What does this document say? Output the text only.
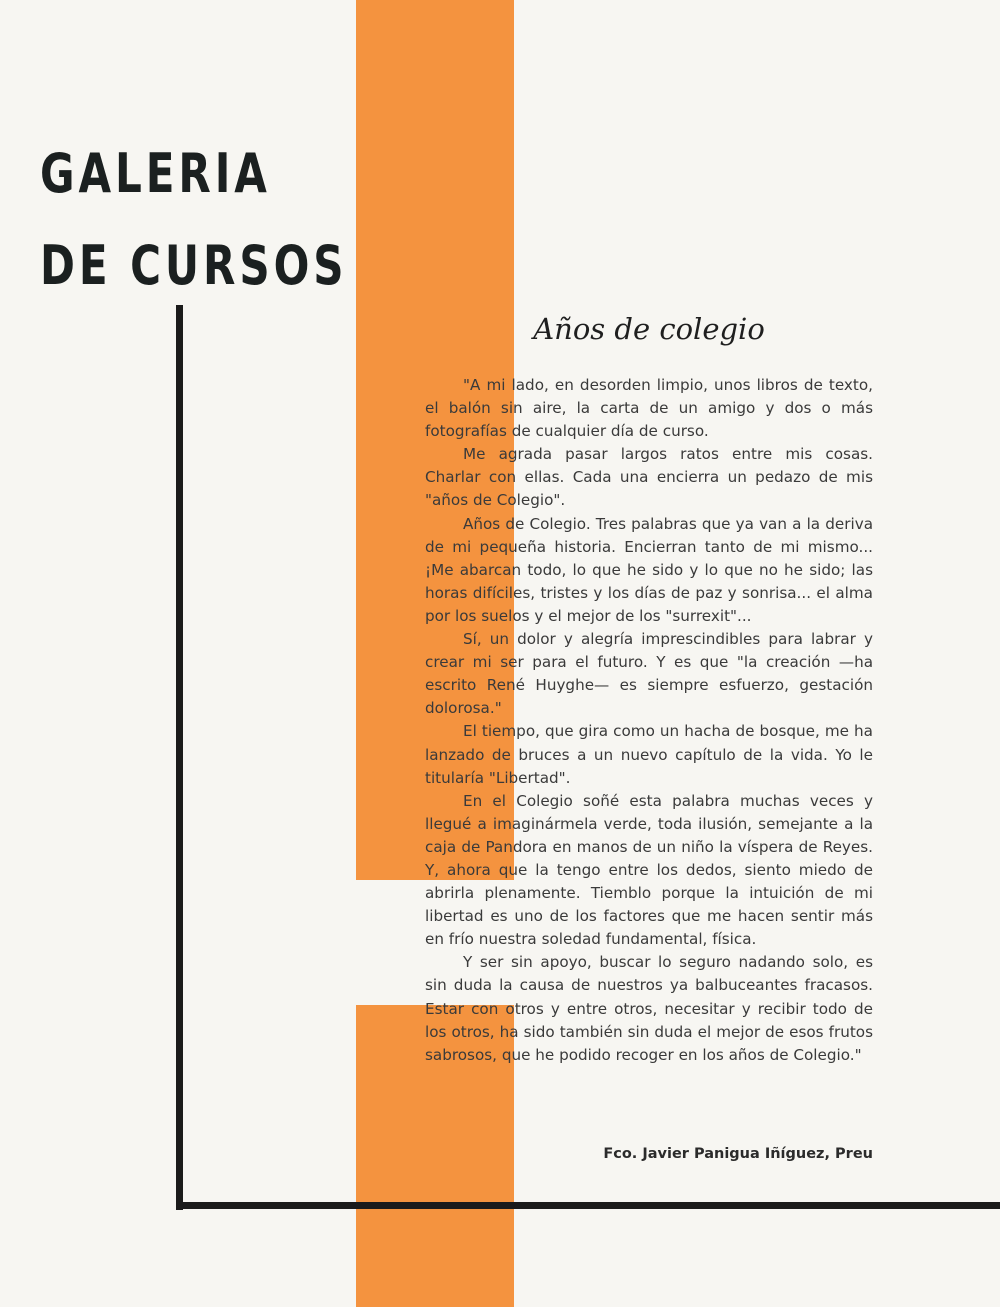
GALERIA
DE CURSOS
Años de colegio

"A mi lado, en desorden limpio, unos libros de texto, el balón sin aire, la carta de un amigo y dos o más fotografías de cualquier día de curso.

Me agrada pasar largos ratos entre mis cosas. Charlar con ellas. Cada una encierra un pedazo de mis "años de Colegio".

Años de Colegio. Tres palabras que ya van a la deriva de mi pequeña historia. Encierran tanto de mi mismo... ¡Me abarcan todo, lo que he sido y lo que no he sido; las horas difíciles, tristes y los días de paz y sonrisa... el alma por los suelos y el mejor de los "surrexit"...

Sí, un dolor y alegría imprescindibles para labrar y crear mi ser para el futuro. Y es que "la creación —ha escrito René Huyghe— es siempre esfuerzo, gestación dolorosa."

El tiempo, que gira como un hacha de bosque, me ha lanzado de bruces a un nuevo capítulo de la vida. Yo le titularía "Libertad".

En el Colegio soñé esta palabra muchas veces y llegué a imaginármela verde, toda ilusión, semejante a la caja de Pandora en manos de un niño la víspera de Reyes. Y, ahora que la tengo entre los dedos, siento miedo de abrirla plenamente. Tiemblo porque la intuición de mi libertad es uno de los factores que me hacen sentir más en frío nuestra soledad fundamental, física.

Y ser sin apoyo, buscar lo seguro nadando solo, es sin duda la causa de nuestros ya balbuceantes fracasos. Estar con otros y entre otros, necesitar y recibir todo de los otros, ha sido también sin duda el mejor de esos frutos sabrosos, que he podido recoger en los años de Colegio."

Fco. Javier Panigua Iñíguez, Preu
